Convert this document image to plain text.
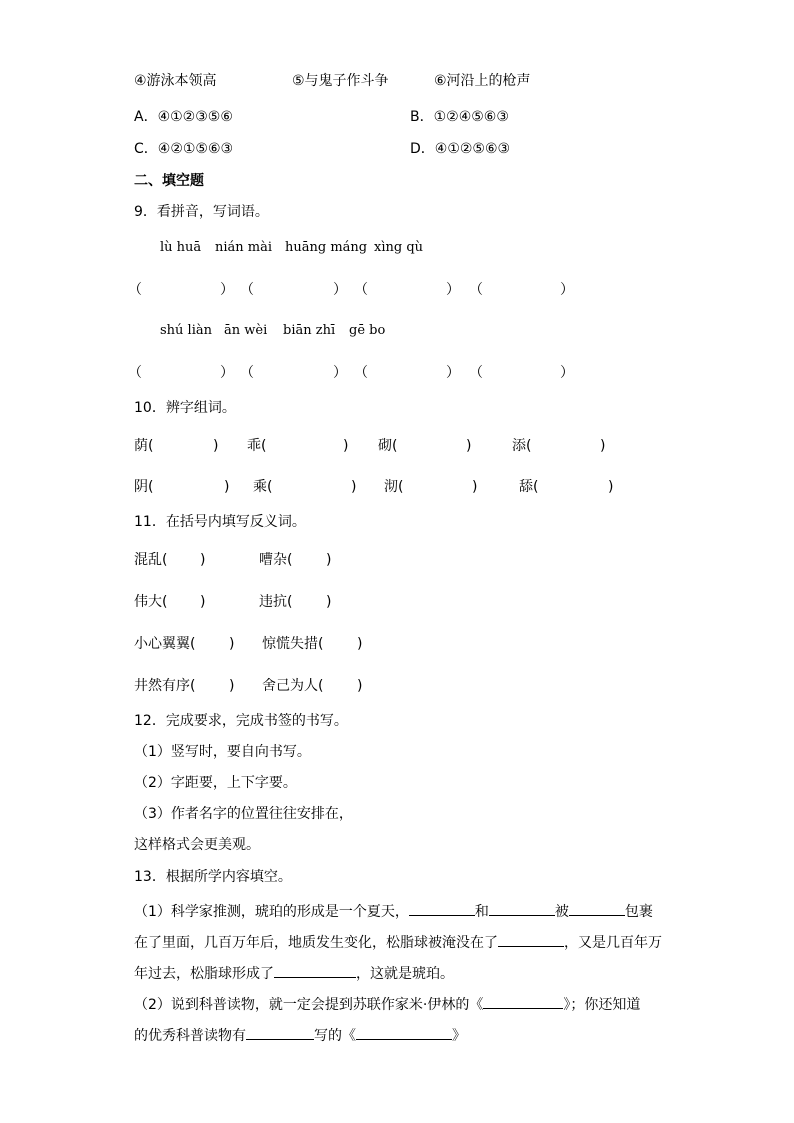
④游泳本领高	⑤与鬼子作斗争	⑥河沿上的枪声
A．④①②③⑤⑥	B．①②④⑤⑥③
C．④②①⑤⑥③	D．④①②⑤⑥③
二、填空题
9．看拼音，写词语。
lù huā nián mài huāng máng xìng qù
（	） （	） （	） （	）
shú liàn ān wèi biān zhī gē bo
（	） （	） （	） （	）
10．辨字组词。
荫(	) 乖(	) 砌(	)	添(	)
阴(	) 乘(	) 沏(	)	舔(	)
11．在括号内填写反义词。
混乱( )	嘈杂( )
伟大( )	违抗( )
小心翼翼( ) 惊慌失措( )
井然有序( ) 舍己为人( )
12．完成要求，完成书签的书写。
（1）竖写时，要自向书写。
（2）字距要，上下字要。
（3）作者名字的位置往往安排在，
这样格式会更美观。
13．根据所学内容填空。
（1）科学家推测，琥珀的形成是一个夏天，	和	被	包裹
在了里面，几百万年后，地质发生变化，松脂球被淹没在了	，又是几百年万
年过去，松脂球形成了	，这就是琥珀。
（2）说到科普读物，就一定会提到苏联作家米·伊林的《	》；你还知道
的优秀科普读物有	写的《	》
